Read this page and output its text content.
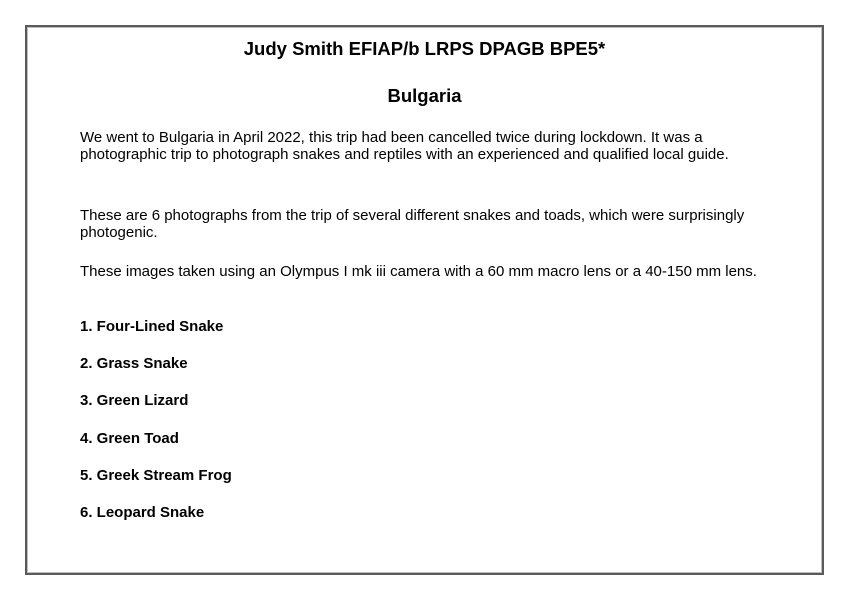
Judy Smith EFIAP/b LRPS DPAGB BPE5*
Bulgaria

We went to Bulgaria in April 2022, this trip had been cancelled twice during lockdown. It was a photographic trip to photograph snakes and reptiles with an experienced and qualified local guide.

These are 6 photographs from the trip of several different snakes and toads, which were surprisingly photogenic.

These images taken using an Olympus I mk iii camera with a 60 mm macro lens or a 40-150 mm lens.

1. Four-Lined Snake
2. Grass Snake
3. Green Lizard
4. Green Toad
5. Greek Stream Frog
6. Leopard Snake
